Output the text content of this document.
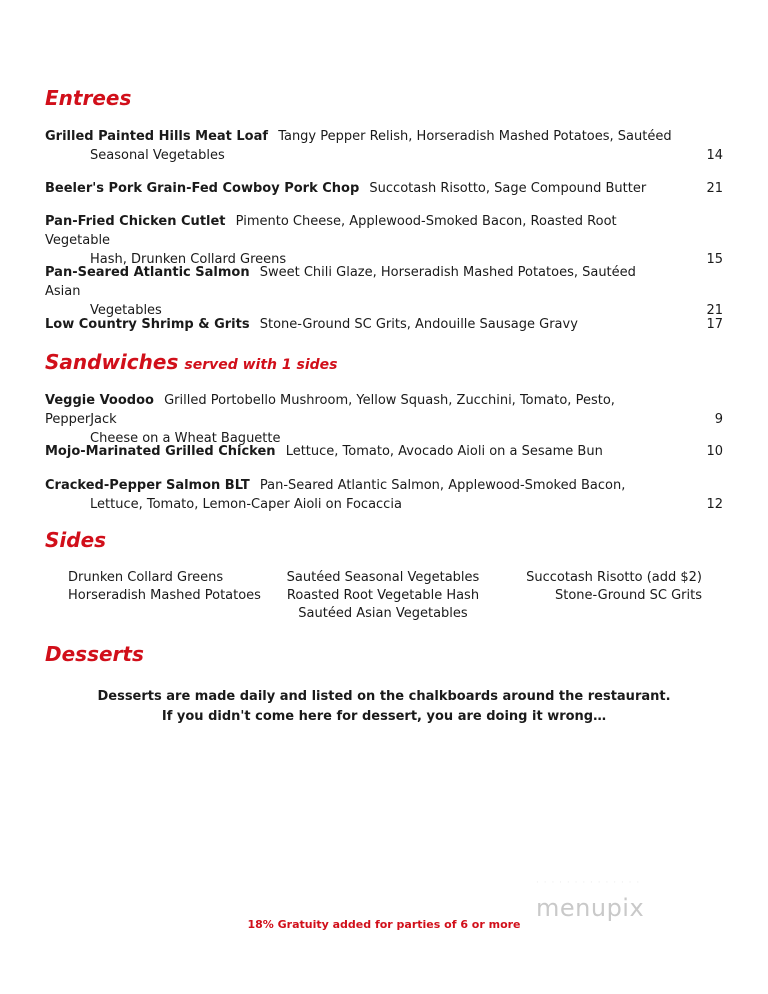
Entrees
Grilled Painted Hills Meat Loaf Tangy Pepper Relish, Horseradish Mashed Potatoes, Sautéed
Seasonal Vegetables	14
Beeler's Pork Grain-Fed Cowboy Pork Chop Succotash Risotto, Sage Compound Butter	21
Pan-Fried Chicken Cutlet Pimento Cheese, Applewood-Smoked Bacon, Roasted Root Vegetable
Hash, Drunken Collard Greens	15
Pan-Seared Atlantic Salmon Sweet Chili Glaze, Horseradish Mashed Potatoes, Sautéed Asian
Vegetables	21
Low Country Shrimp & Grits Stone-Ground SC Grits, Andouille Sausage Gravy	17
Sandwiches served with 1 sides
Veggie Voodoo Grilled Portobello Mushroom, Yellow Squash, Zucchini, Tomato, Pesto, PepperJack
Cheese on a Wheat Baguette
9
Mojo-Marinated Grilled Chicken Lettuce, Tomato, Avocado Aioli on a Sesame Bun	10
Cracked-Pepper Salmon BLT Pan-Seared Atlantic Salmon, Applewood-Smoked Bacon,
Lettuce, Tomato, Lemon-Caper Aioli on Focaccia	12
Sides
Drunken Collard Greens
Horseradish Mashed Potatoes
Sautéed Seasonal Vegetables
Roasted Root Vegetable Hash
Sautéed Asian Vegetables
Succotash Risotto (add $2)
Stone-Ground SC Grits
Desserts
Desserts are made daily and listed on the chalkboards around the restaurant.
If you didn't come here for dessert, you are doing it wrong…
· · · · · · · · · · · · · ·
menupix
18% Gratuity added for parties of 6 or more
